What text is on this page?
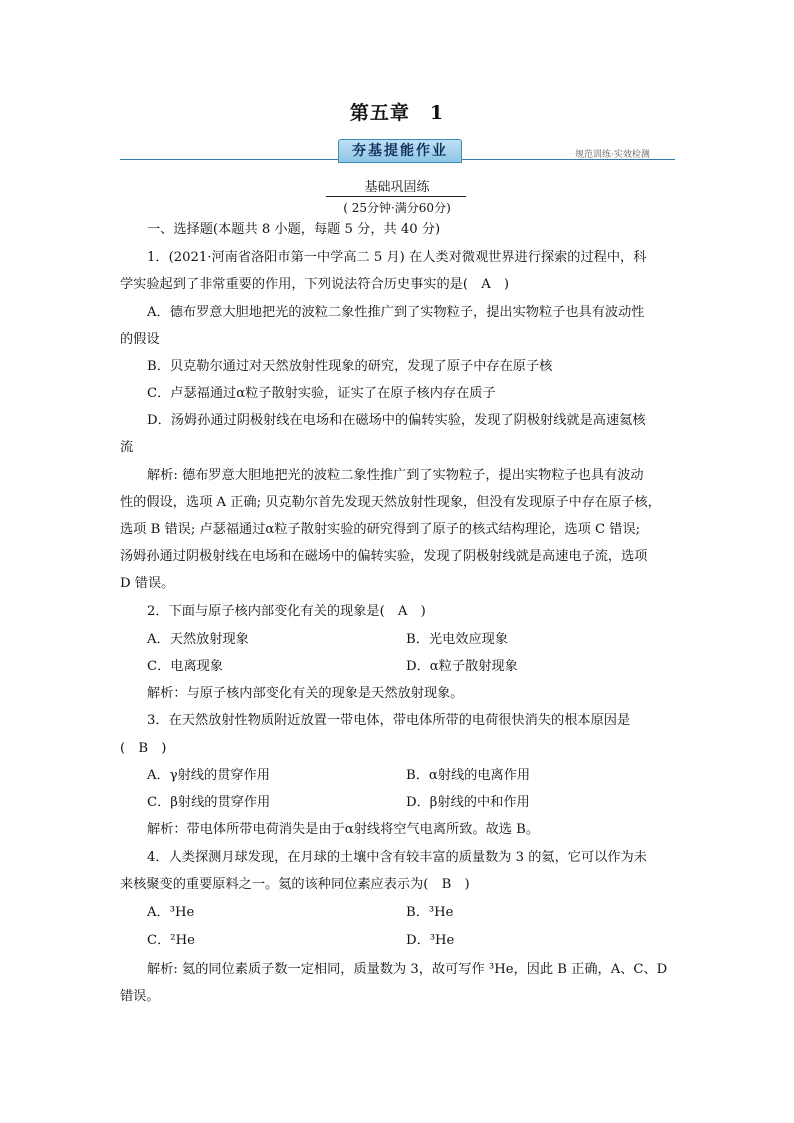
第五章　1
夯基提能作业	规范训练·实效检测
基础巩固练
( 25分钟·满分60分)
一、选择题(本题共 8 小题，每题 5 分，共 40 分)
1．(2021·河南省洛阳市第一中学高二 5 月) 在人类对微观世界进行探索的过程中，科
学实验起到了非常重要的作用，下列说法符合历史事实的是(　A　)
A．德布罗意大胆地把光的波粒二象性推广到了实物粒子，提出实物粒子也具有波动性
的假设
B．贝克勒尔通过对天然放射性现象的研究，发现了原子中存在原子核
C．卢瑟福通过α粒子散射实验，证实了在原子核内存在质子
D．汤姆孙通过阴极射线在电场和在磁场中的偏转实验，发现了阴极射线就是高速氦核
流
解析: 德布罗意大胆地把光的波粒二象性推广到了实物粒子，提出实物粒子也具有波动
性的假设，选项 A 正确; 贝克勒尔首先发现天然放射性现象，但没有发现原子中存在原子核，
选项 B 错误; 卢瑟福通过α粒子散射实验的研究得到了原子的核式结构理论，选项 C 错误;
汤姆孙通过阴极射线在电场和在磁场中的偏转实验，发现了阴极射线就是高速电子流，选项
D 错误。
2．下面与原子核内部变化有关的现象是(　A　)
A．天然放射现象	B．光电效应现象
C．电离现象	D．α粒子散射现象
解析：与原子核内部变化有关的现象是天然放射现象。
3．在天然放射性物质附近放置一带电体，带电体所带的电荷很快消失的根本原因是
(　B　)
A．γ射线的贯穿作用	B．α射线的电离作用
C．β射线的贯穿作用	D．β射线的中和作用
解析：带电体所带电荷消失是由于α射线将空气电离所致。故选 B。
4．人类探测月球发现，在月球的土壤中含有较丰富的质量数为 3 的氦，它可以作为未
来核聚变的重要原料之一。氦的该种同位素应表示为(　B　)
A．³He	B．³He
C．²He	D．³He
解析: 氦的同位素质子数一定相同，质量数为 3，故可写作 ³He，因此 B 正确，A、C、D
错误。
